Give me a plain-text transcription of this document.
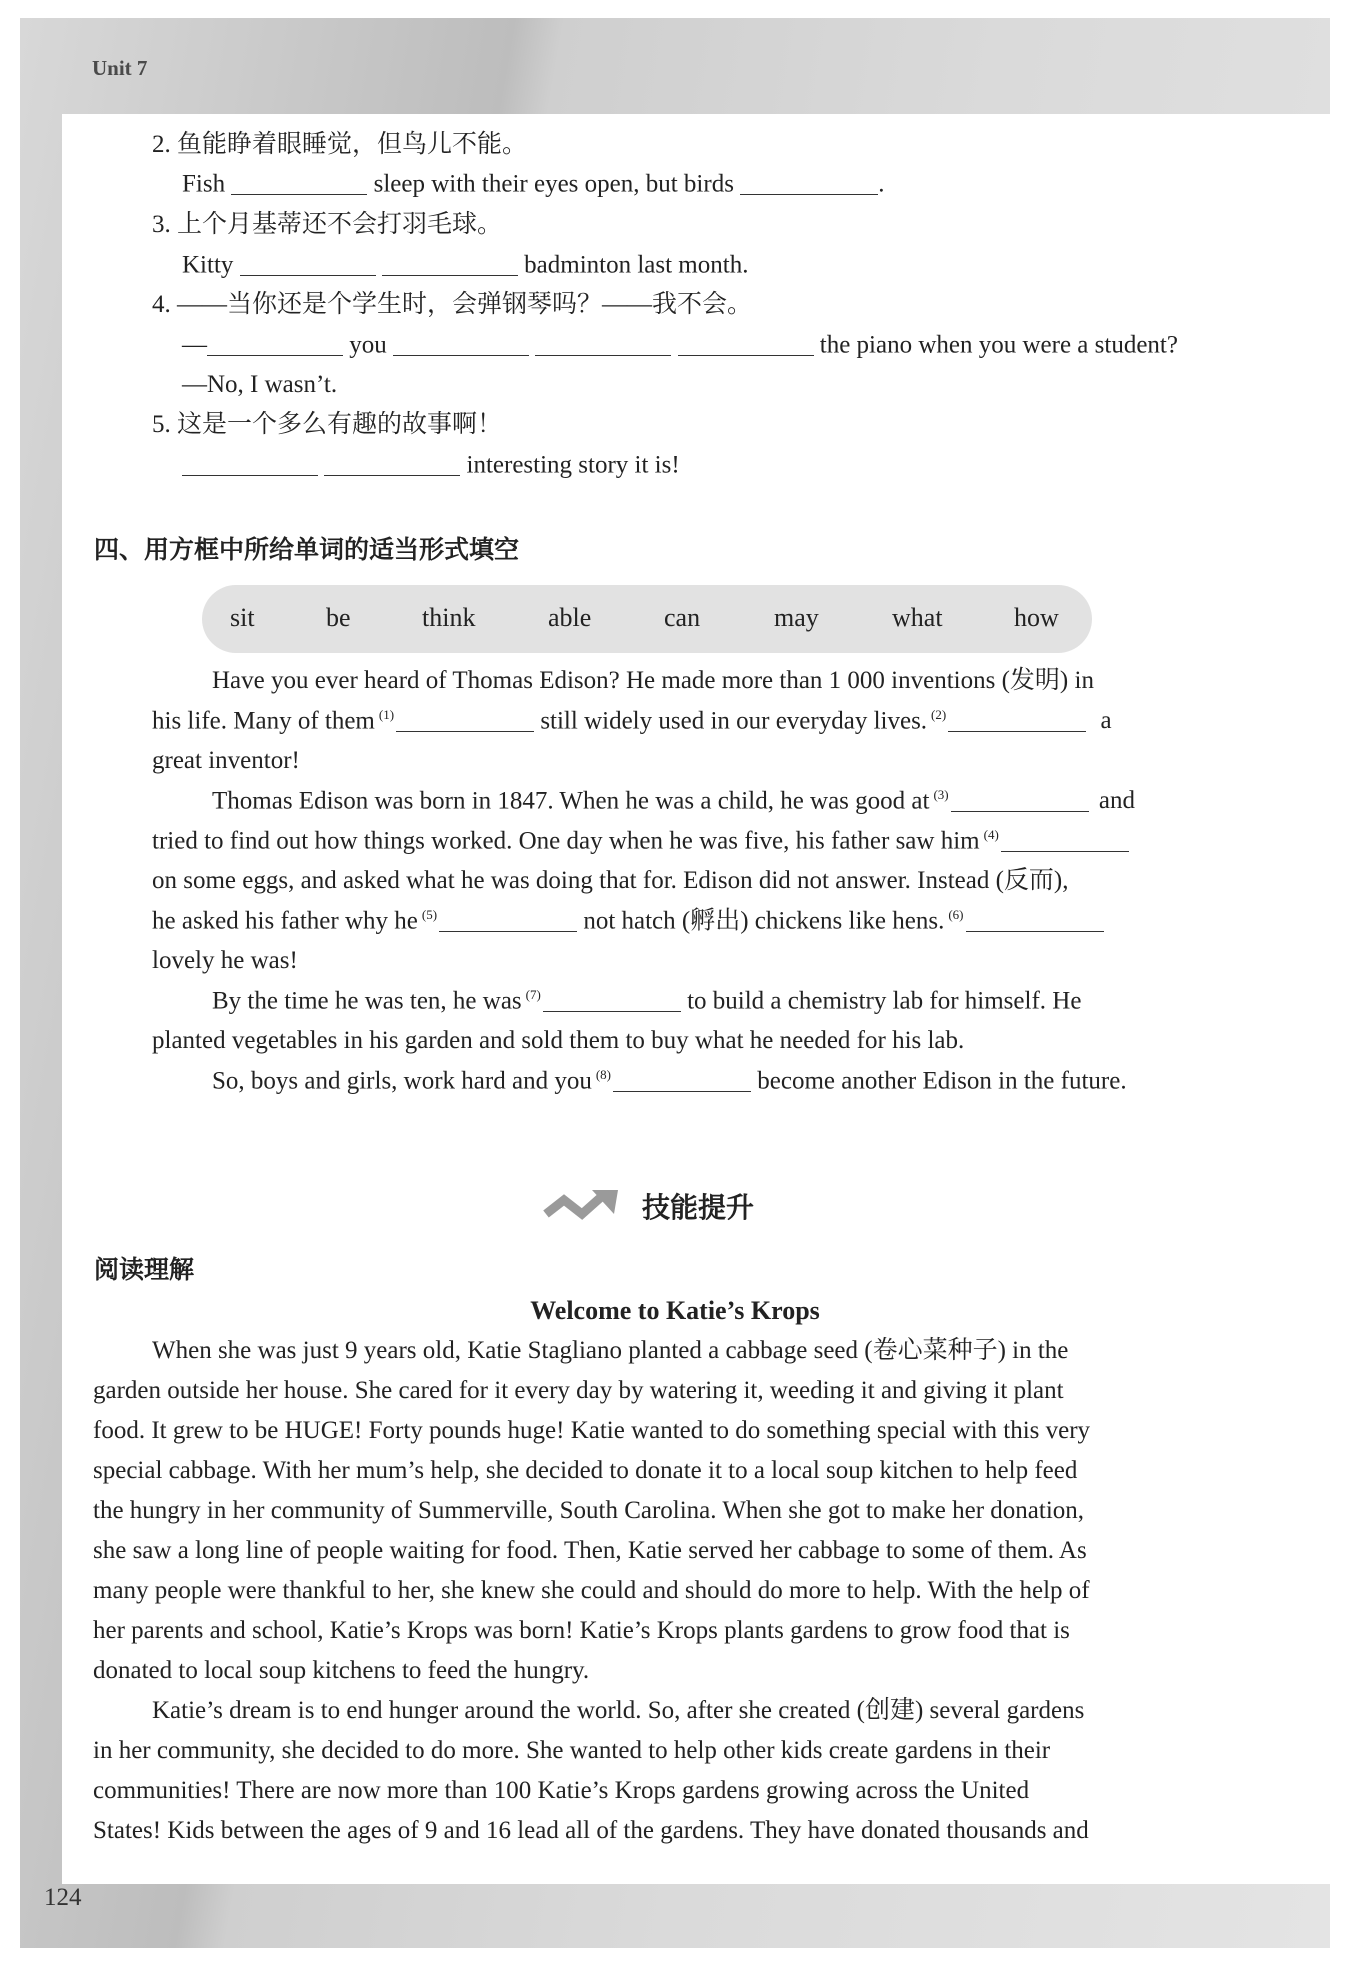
Unit 7
124
2. 鱼能睁着眼睡觉，但鸟儿不能。
Fish	sleep with their eyes open, but birds	.
3. 上个月基蒂还不会打羽毛球。
Kitty	badminton last month.
4. ——当你还是个学生时，会弹钢琴吗？——我不会。
—	you	the piano when you were a student?
—No, I wasn’t.
5. 这是一个多么有趣的故事啊！
interesting story it is!
四、用方框中所给单词的适当形式填空
sit	be	think	able	can	may	what	how
Have you ever heard of Thomas Edison? He made more than 1 000 inventions (发明) in
his life. Many of them $^{(1)}$	still widely used in our everyday lives. $^{(2)}$	a
great inventor!
Thomas Edison was born in 1847. When he was a child, he was good at $^{(3)}$	and
tried to find out how things worked. One day when he was five, his father saw him $^{(4)}$
on some eggs, and asked what he was doing that for. Edison did not answer. Instead (反而),
he asked his father why he $^{(5)}$	not hatch (孵出) chickens like hens. $^{(6)}$
lovely he was!
By the time he was ten, he was $^{(7)}$	to build a chemistry lab for himself. He
planted vegetables in his garden and sold them to buy what he needed for his lab.
So, boys and girls, work hard and you $^{(8)}$	become another Edison in the future.
技能提升
阅读理解
Welcome to Katie’s Krops
When she was just 9 years old, Katie Stagliano planted a cabbage seed (卷心菜种子) in the
garden outside her house. She cared for it every day by watering it, weeding it and giving it plant
food. It grew to be HUGE! Forty pounds huge! Katie wanted to do something special with this very
special cabbage. With her mum’s help, she decided to donate it to a local soup kitchen to help feed
the hungry in her community of Summerville, South Carolina. When she got to make her donation,
she saw a long line of people waiting for food. Then, Katie served her cabbage to some of them. As
many people were thankful to her, she knew she could and should do more to help. With the help of
her parents and school, Katie’s Krops was born! Katie’s Krops plants gardens to grow food that is
donated to local soup kitchens to feed the hungry.
Katie’s dream is to end hunger around the world. So, after she created (创建) several gardens
in her community, she decided to do more. She wanted to help other kids create gardens in their
communities! There are now more than 100 Katie’s Krops gardens growing across the United
States! Kids between the ages of 9 and 16 lead all of the gardens. They have donated thousands and
